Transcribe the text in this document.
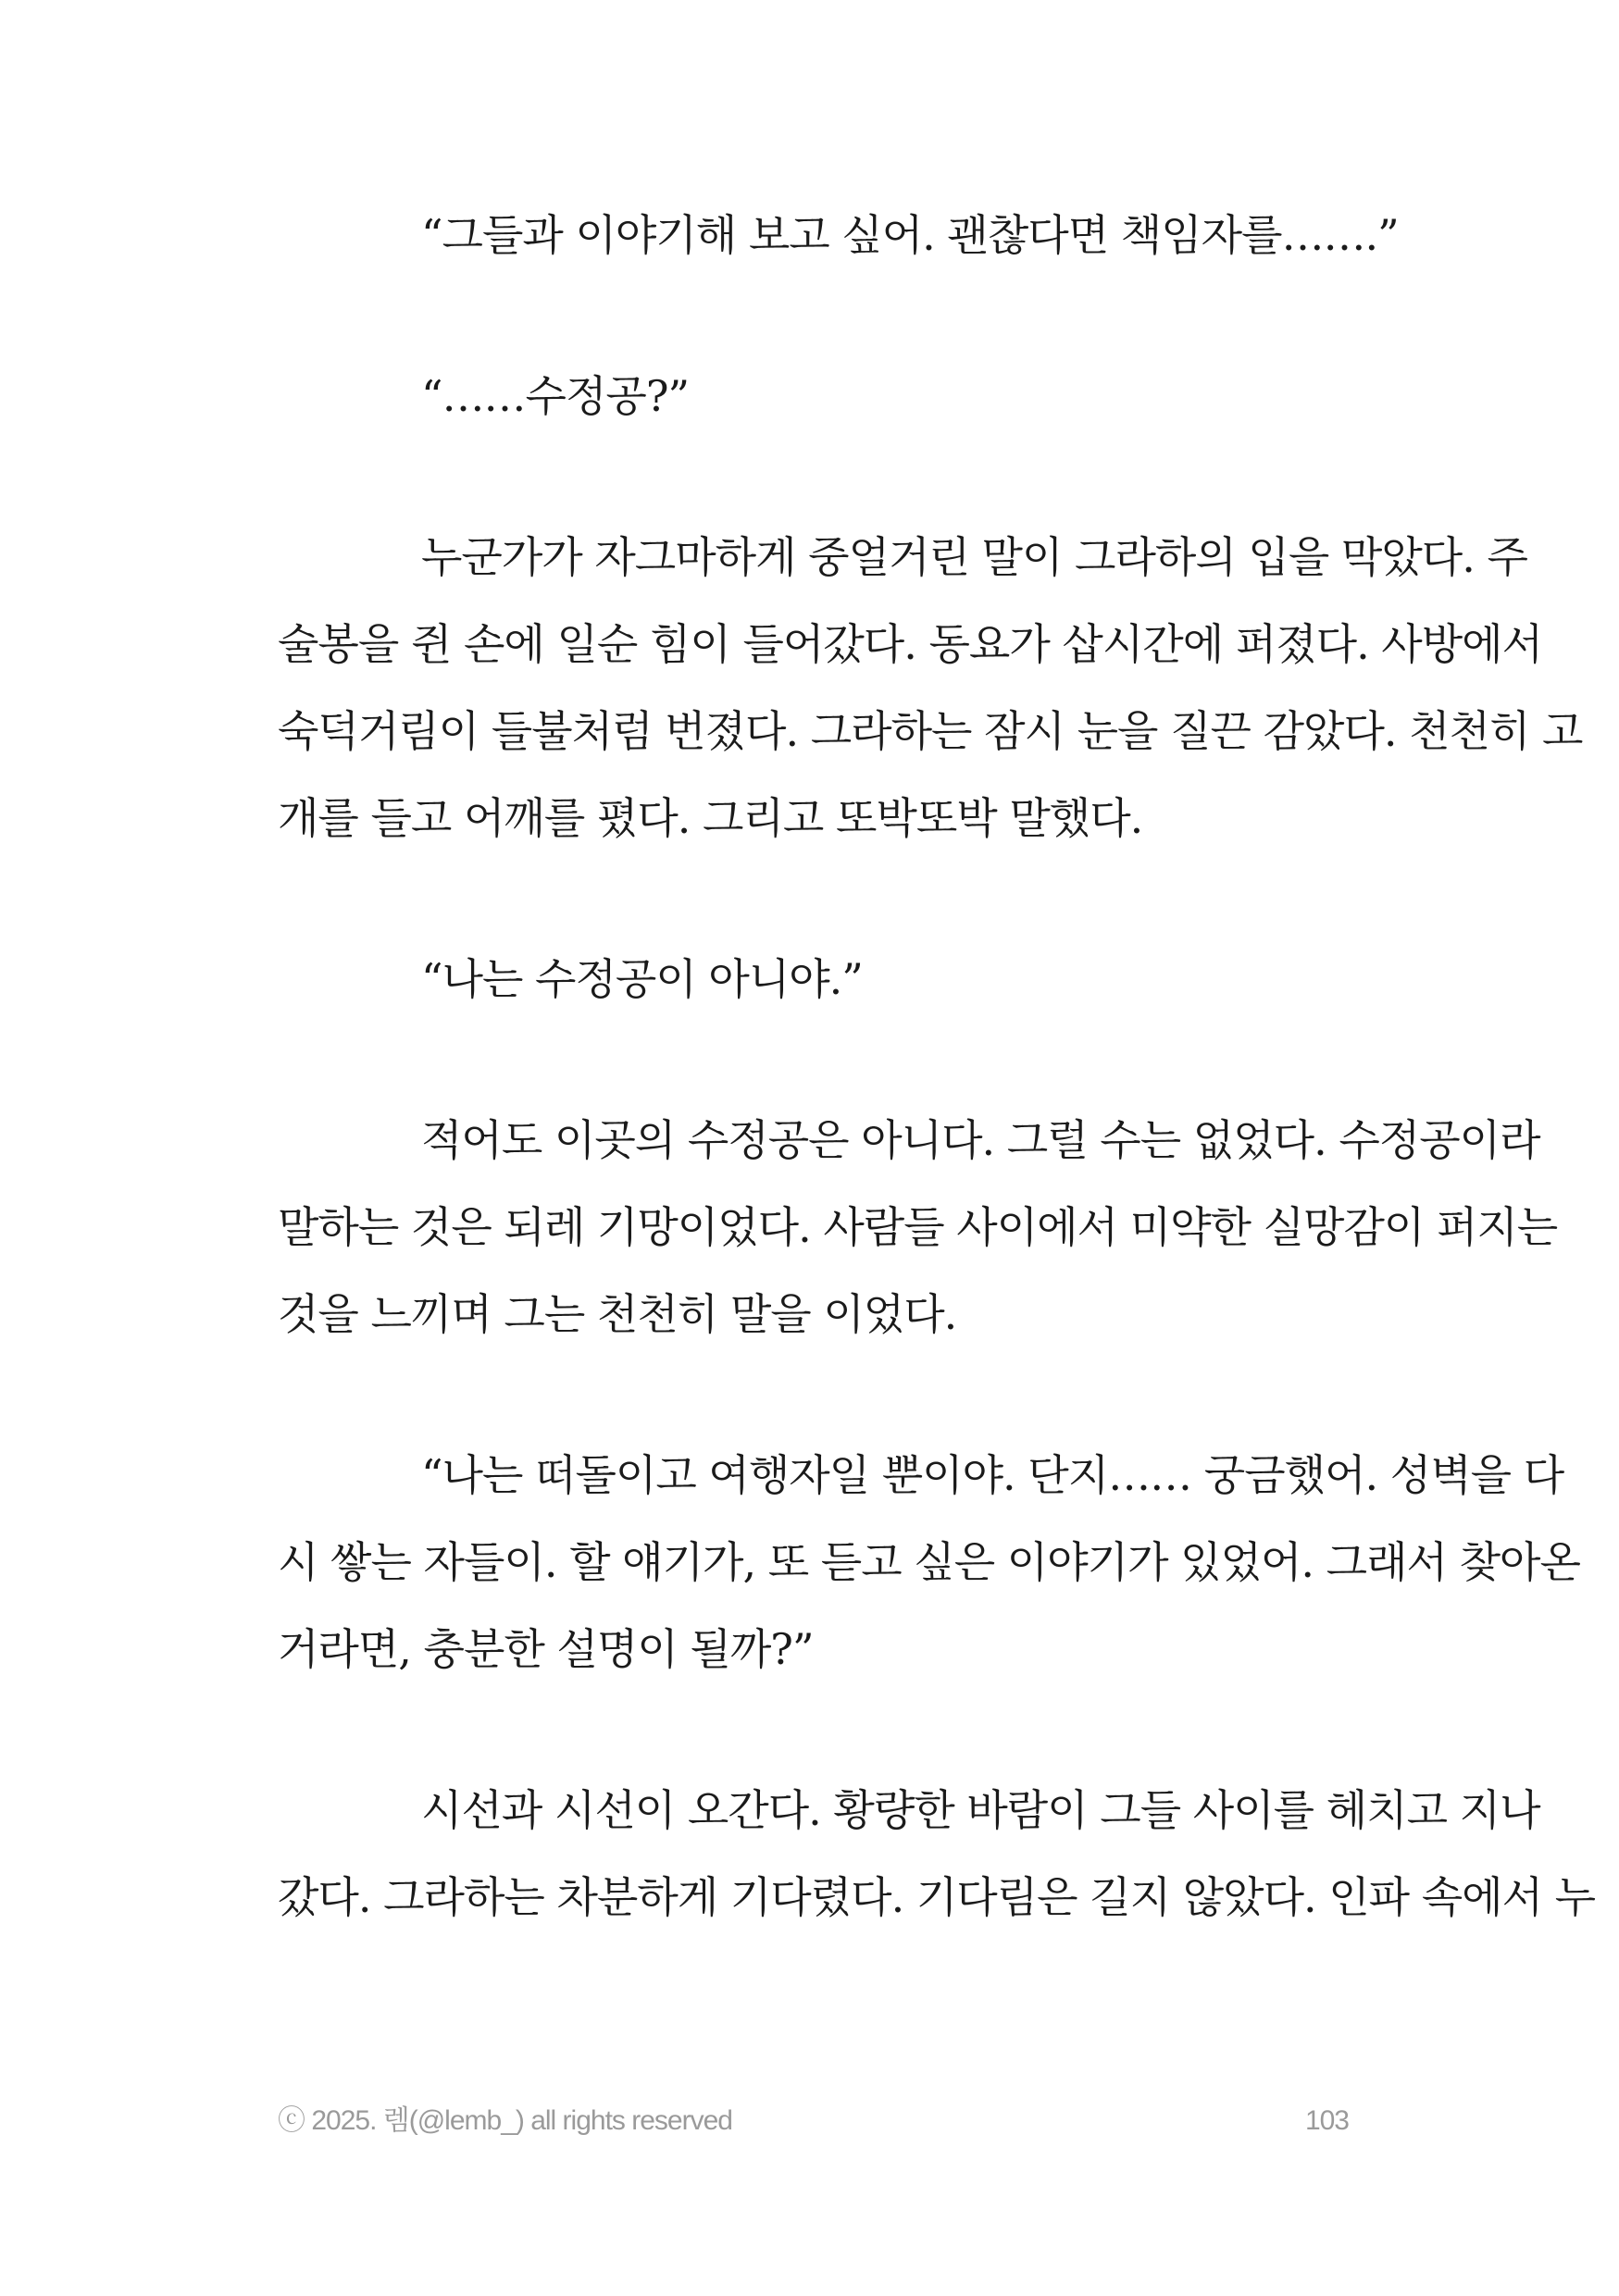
“그들과 이야기해 보고 싶어. 괜찮다면 책임자를…….”
“……수정공?”
누군가가 자그마하게 중얼거린 말이 그라하의 입을 막았다. 주
술봉을 쥔 손에 일순 힘이 들어갔다. 동요가 삽시간에 퍼졌다. 사방에서
숙덕거림이 들불처럼 번졌다. 그라하는 잠시 눈을 질끈 감았다. 천천히 고
개를 들고 어깨를 폈다. 그리고 또박또박 말했다.
“나는 수정공이 아니야.”
적어도 이곳의 수정공은 아니다. 그럴 수는 없었다. 수정공이라
말하는 것은 되레 기망이었다. 사람들 사이에서 미약한 실망감이 퍼지는
것을 느끼며 그는 천천히 말을 이었다.
“나는 떠돌이고 여행자일 뿐이야. 단지…… 궁금했어. 성벽을 다
시 쌓는 자들이. 할 얘기가, 또 듣고 싶은 이야기가 있었어. 그래서 찾아온
거라면, 충분한 설명이 될까?”
시선과 시선이 오간다. 황량한 바람이 그들 사이를 헤치고 지나
갔다. 그라하는 차분하게 기다렸다. 기다림은 길지 않았다. 인파 속에서 누
ⓒ 2025. 렘(@lemb_) all rights reserved	103
